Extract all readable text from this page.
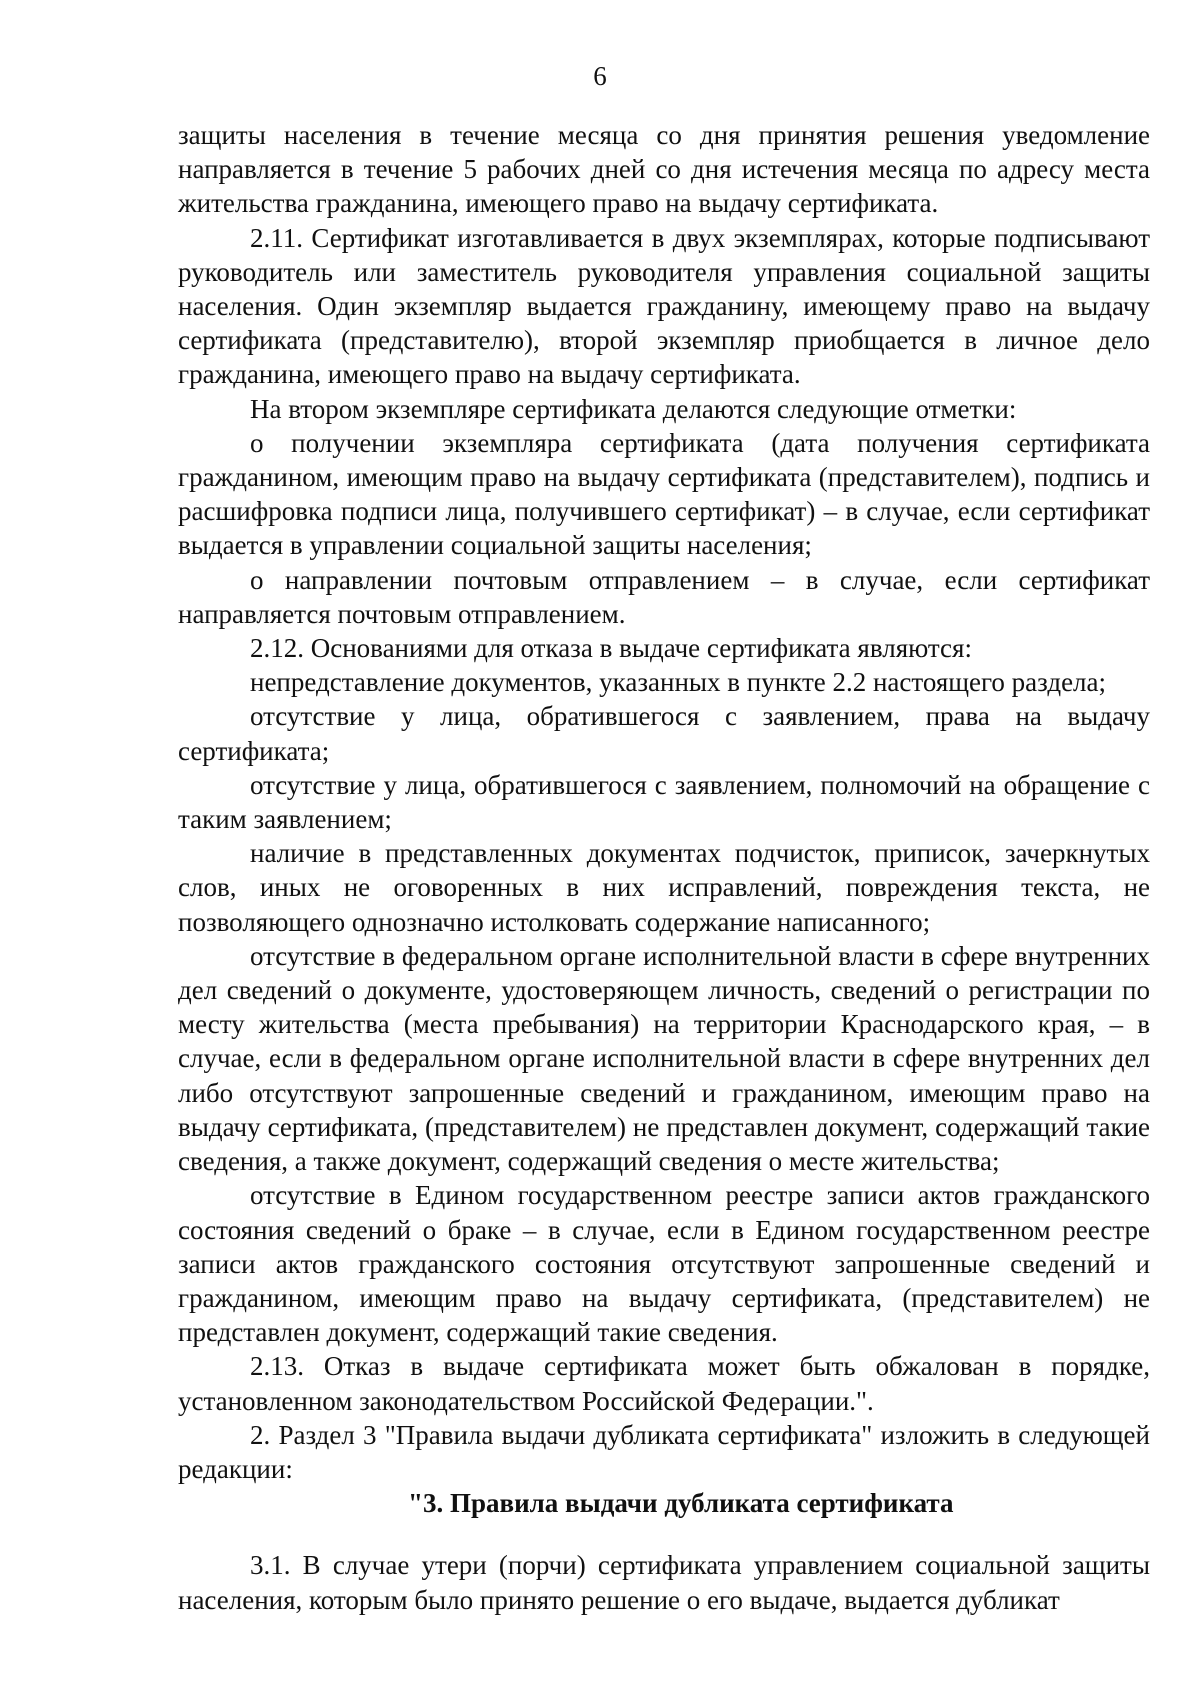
6

защиты населения в течение месяца со дня принятия решения уведомление направляется в течение 5 рабочих дней со дня истечения месяца по адресу места жительства гражданина, имеющего право на выдачу сертификата.

2.11. Сертификат изготавливается в двух экземплярах, которые подписывают руководитель или заместитель руководителя управления социальной защиты населения. Один экземпляр выдается гражданину, имеющему право на выдачу сертификата (представителю), второй экземпляр приобщается в личное дело гражданина, имеющего право на выдачу сертификата.

На втором экземпляре сертификата делаются следующие отметки:

о получении экземпляра сертификата (дата получения сертификата гражданином, имеющим право на выдачу сертификата (представителем), подпись и расшифровка подписи лица, получившего сертификат) – в случае, если сертификат выдается в управлении социальной защиты населения;

о направлении почтовым отправлением – в случае, если сертификат направляется почтовым отправлением.

2.12. Основаниями для отказа в выдаче сертификата являются:

непредставление документов, указанных в пункте 2.2 настоящего раздела;

отсутствие у лица, обратившегося с заявлением, права на выдачу сертификата;

отсутствие у лица, обратившегося с заявлением, полномочий на обращение с таким заявлением;

наличие в представленных документах подчисток, приписок, зачеркнутых слов, иных не оговоренных в них исправлений, повреждения текста, не позволяющего однозначно истолковать содержание написанного;

отсутствие в федеральном органе исполнительной власти в сфере внутренних дел сведений о документе, удостоверяющем личность, сведений о регистрации по месту жительства (места пребывания) на территории Краснодарского края, – в случае, если в федеральном органе исполнительной власти в сфере внутренних дел либо отсутствуют запрошенные сведений и гражданином, имеющим право на выдачу сертификата, (представителем) не представлен документ, содержащий такие сведения, а также документ, содержащий сведения о месте жительства;

отсутствие в Едином государственном реестре записи актов гражданского состояния сведений о браке – в случае, если в Едином государственном реестре записи актов гражданского состояния отсутствуют запрошенные сведений и гражданином, имеющим право на выдачу сертификата, (представителем) не представлен документ, содержащий такие сведения.

2.13. Отказ в выдаче сертификата может быть обжалован в порядке, установленном законодательством Российской Федерации.".

2. Раздел 3 "Правила выдачи дубликата сертификата" изложить в следующей редакции:

"3. Правила выдачи дубликата сертификата

3.1. В случае утери (порчи) сертификата управлением социальной защиты населения, которым было принято решение о его выдаче, выдается дубликат
